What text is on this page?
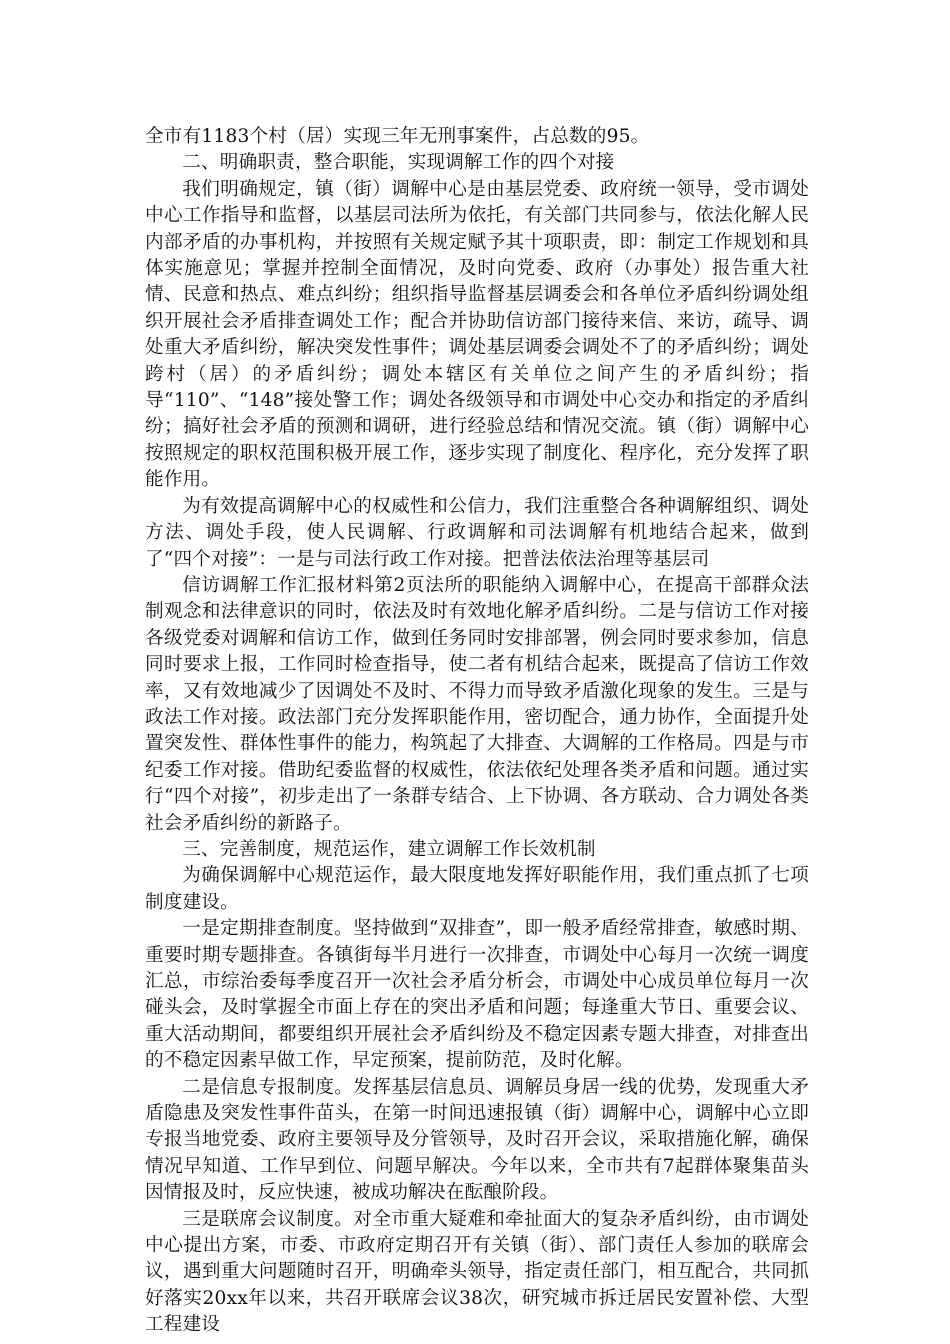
全市有1183个村（居）实现三年无刑事案件，占总数的95。

二、明确职责，整合职能，实现调解工作的四个对接

我们明确规定，镇（街）调解中心是由基层党委、政府统一领导，受市调处中心工作指导和监督，以基层司法所为依托，有关部门共同参与，依法化解人民内部矛盾的办事机构，并按照有关规定赋予其十项职责，即：制定工作规划和具体实施意见；掌握并控制全面情况，及时向党委、政府（办事处）报告重大社情、民意和热点、难点纠纷；组织指导监督基层调委会和各单位矛盾纠纷调处组织开展社会矛盾排查调处工作；配合并协助信访部门接待来信、来访，疏导、调处重大矛盾纠纷，解决突发性事件；调处基层调委会调处不了的矛盾纠纷；调处跨村（居）的矛盾纠纷；调处本辖区有关单位之间产生的矛盾纠纷；指导“110”、“148”接处警工作；调处各级领导和市调处中心交办和指定的矛盾纠纷；搞好社会矛盾的预测和调研，进行经验总结和情况交流。镇（街）调解中心按照规定的职权范围积极开展工作，逐步实现了制度化、程序化，充分发挥了职能作用。

为有效提高调解中心的权威性和公信力，我们注重整合各种调解组织、调处方法、调处手段，使人民调解、行政调解和司法调解有机地结合起来，做到了“四个对接”：一是与司法行政工作对接。把普法依法治理等基层司

信访调解工作汇报材料第2页法所的职能纳入调解中心，在提高干部群众法制观念和法律意识的同时，依法及时有效地化解矛盾纠纷。二是与信访工作对接各级党委对调解和信访工作，做到任务同时安排部署，例会同时要求参加，信息同时要求上报，工作同时检查指导，使二者有机结合起来，既提高了信访工作效率，又有效地减少了因调处不及时、不得力而导致矛盾激化现象的发生。三是与政法工作对接。政法部门充分发挥职能作用，密切配合，通力协作，全面提升处置突发性、群体性事件的能力，构筑起了大排查、大调解的工作格局。四是与市纪委工作对接。借助纪委监督的权威性，依法依纪处理各类矛盾和问题。通过实行“四个对接”，初步走出了一条群专结合、上下协调、各方联动、合力调处各类社会矛盾纠纷的新路子。

三、完善制度，规范运作，建立调解工作长效机制

为确保调解中心规范运作，最大限度地发挥好职能作用，我们重点抓了七项制度建设。

一是定期排查制度。坚持做到“双排查”，即一般矛盾经常排查，敏感时期、重要时期专题排查。各镇街每半月进行一次排查，市调处中心每月一次统一调度汇总，市综治委每季度召开一次社会矛盾分析会，市调处中心成员单位每月一次碰头会，及时掌握全市面上存在的突出矛盾和问题；每逢重大节日、重要会议、重大活动期间，都要组织开展社会矛盾纠纷及不稳定因素专题大排查，对排查出的不稳定因素早做工作，早定预案，提前防范，及时化解。

二是信息专报制度。发挥基层信息员、调解员身居一线的优势，发现重大矛盾隐患及突发性事件苗头，在第一时间迅速报镇（街）调解中心，调解中心立即专报当地党委、政府主要领导及分管领导，及时召开会议，采取措施化解，确保情况早知道、工作早到位、问题早解决。今年以来，全市共有7起群体聚集苗头因情报及时，反应快速，被成功解决在酝酿阶段。

三是联席会议制度。对全市重大疑难和牵扯面大的复杂矛盾纠纷，由市调处中心提出方案，市委、市政府定期召开有关镇（街）、部门责任人参加的联席会议，遇到重大问题随时召开，明确牵头领导，指定责任部门，相互配合，共同抓好落实20xx年以来，共召开联席会议38次，研究城市拆迁居民安置补偿、大型工程建设
